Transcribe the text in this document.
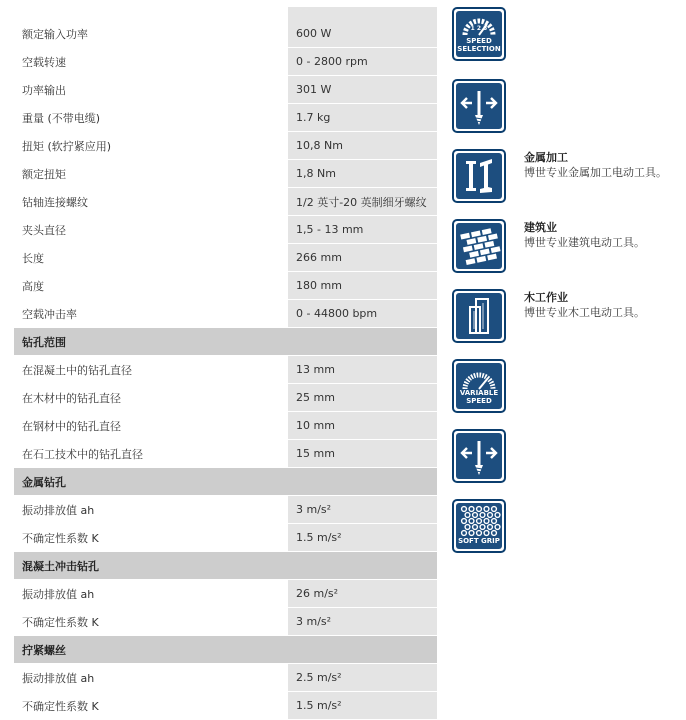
额定输入功率	600 W
空载转速	0 - 2800 rpm
功率输出	301 W
重量 (不带电缆)	1.7 kg
扭矩 (软拧紧应用)	10,8 Nm
额定扭矩	1,8 Nm
钻轴连接螺纹	1/2 英寸-20 英制细牙螺纹
夹头直径	1,5 - 13 mm
长度	266 mm
高度	180 mm
空载冲击率	0 - 44800 bpm
钻孔范围
在混凝土中的钻孔直径	13 mm
在木材中的钻孔直径	25 mm
在钢材中的钻孔直径	10 mm
在石工技术中的钻孔直径	15 mm
金属钻孔
振动排放值 ah	3 m/s²
不确定性系数 K	1.5 m/s²
混凝土冲击钻孔
振动排放值 ah	26 m/s²
不确定性系数 K	3 m/s²
拧紧螺丝
振动排放值 ah	2.5 m/s²
不确定性系数 K	1.5 m/s²
1 2 3
SPEED
SELECTION
金属加工
博世专业金属加工电动工具。
建筑业
博世专业建筑电动工具。
木工作业
博世专业木工电动工具。
VARIABLE
SPEED
SOFT GRIP
